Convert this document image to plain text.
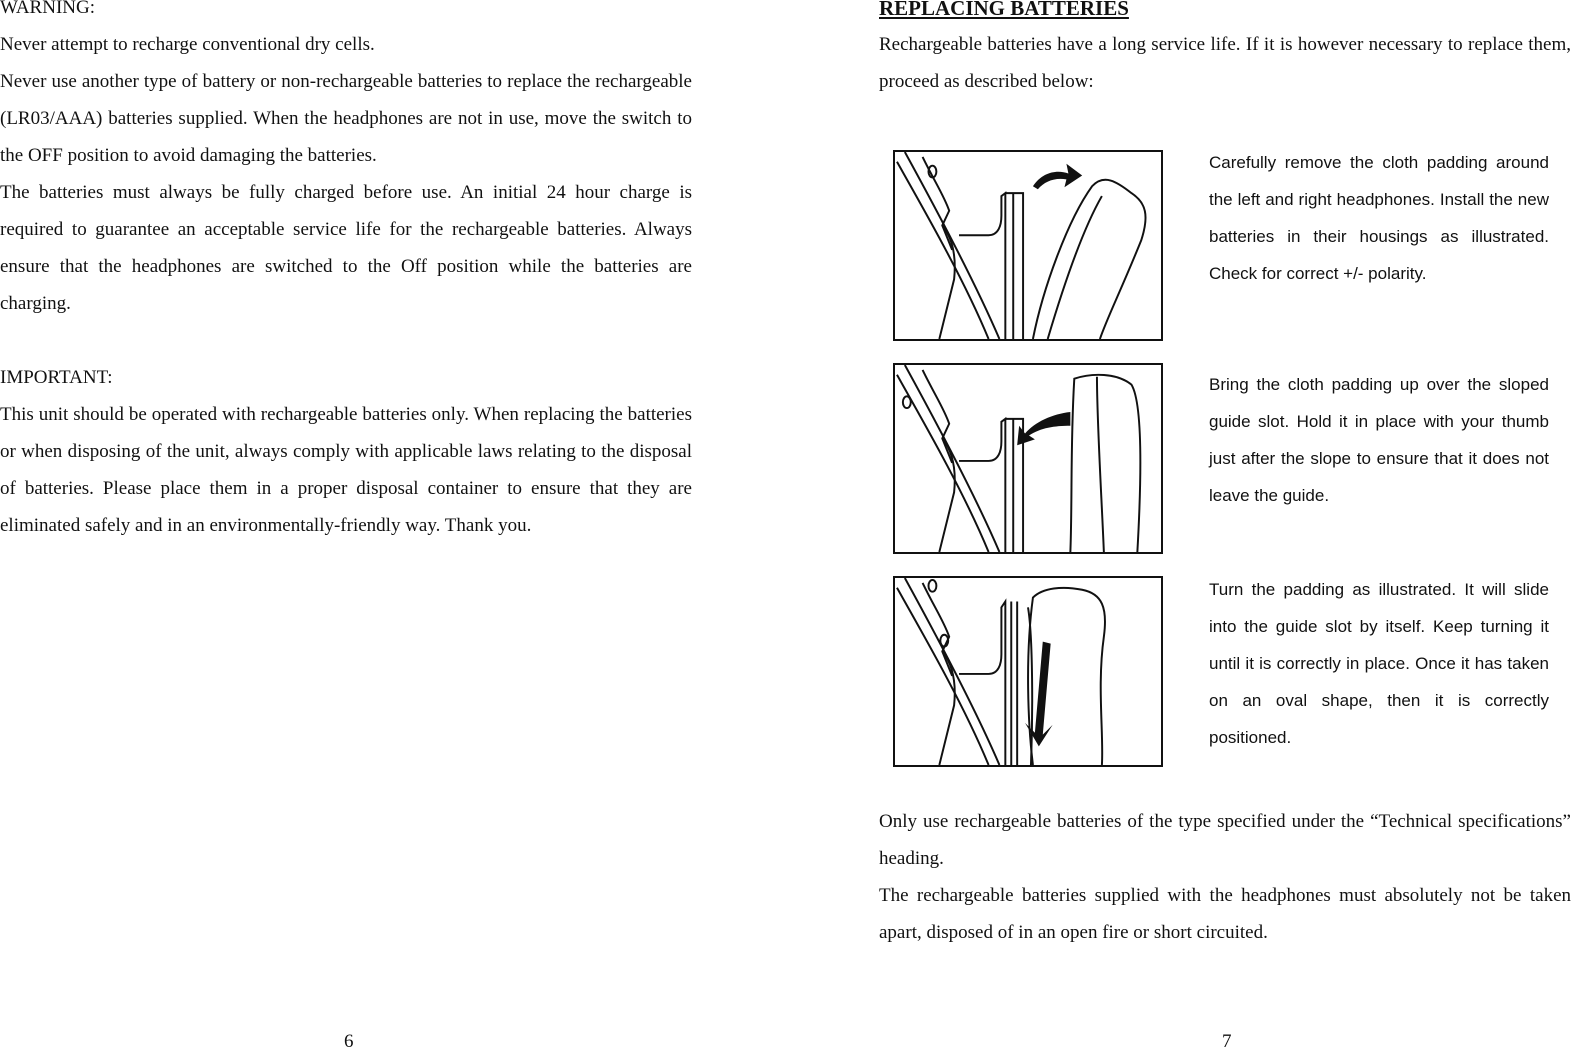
WARNING:

Never attempt to recharge conventional dry cells.

Never use another type of battery or non-rechargeable batteries to replace the rechargeable (LR03/AAA) batteries supplied. When the headphones are not in use, move the switch to the OFF position to avoid damaging the batteries.

The batteries must always be fully charged before use. An initial 24 hour charge is required to guarantee an acceptable service life for the rechargeable batteries. Always ensure that the headphones are switched to the Off position while the batteries are charging.

IMPORTANT:

This unit should be operated with rechargeable batteries only. When replacing the batteries or when disposing of the unit, always comply with applicable laws relating to the disposal of batteries. Please place them in a proper disposal container to ensure that they are eliminated safely and in an environmentally-friendly way. Thank you.

6

REPLACING BATTERIES

Rechargeable batteries have a long service life. If it is however necessary to replace them, proceed as described below:

Carefully remove the cloth padding around the left and right headphones. Install the new batteries in their housings as illustrated. Check for correct +/- polarity.

Bring the cloth padding up over the sloped guide slot. Hold it in place with your thumb just after the slope to ensure that it does not leave the guide.

Turn the padding as illustrated. It will slide into the guide slot by itself. Keep turning it until it is correctly in place. Once it has taken on an oval shape, then it is correctly positioned.

Only use rechargeable batteries of the type specified under the “Technical specifications” heading.

The rechargeable batteries supplied with the headphones must absolutely not be taken apart, disposed of in an open fire or short circuited.

7
